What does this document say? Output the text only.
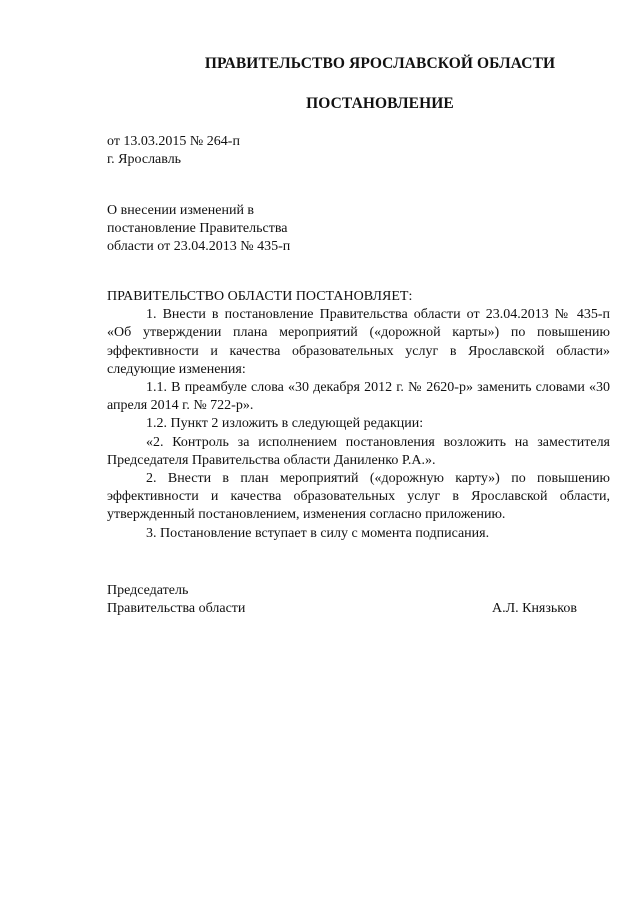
ПРАВИТЕЛЬСТВО ЯРОСЛАВСКОЙ ОБЛАСТИ
ПОСТАНОВЛЕНИЕ
от 13.03.2015 № 264-п
г. Ярославль
О внесении изменений в
постановление Правительства
области от 23.04.2013 № 435-п

ПРАВИТЕЛЬСТВО ОБЛАСТИ ПОСТАНОВЛЯЕТ:

1. Внести в постановление Правительства области от 23.04.2013 № 435-п «Об утверждении плана мероприятий («дорожной карты») по повышению эффективности и качества образовательных услуг в Ярославской области» следующие изменения:

1.1. В преамбуле слова «30 декабря 2012 г. № 2620-р» заменить словами «30 апреля 2014 г. № 722-р».

1.2. Пункт 2 изложить в следующей редакции:

«2. Контроль за исполнением постановления возложить на заместителя Председателя Правительства области Даниленко Р.А.».

2. Внести в план мероприятий («дорожную карту») по повышению эффективности и качества образовательных услуг в Ярославской области, утвержденный постановлением, изменения согласно приложению.

3. Постановление вступает в силу с момента подписания.

Председатель
Правительства области	А.Л. Князьков
